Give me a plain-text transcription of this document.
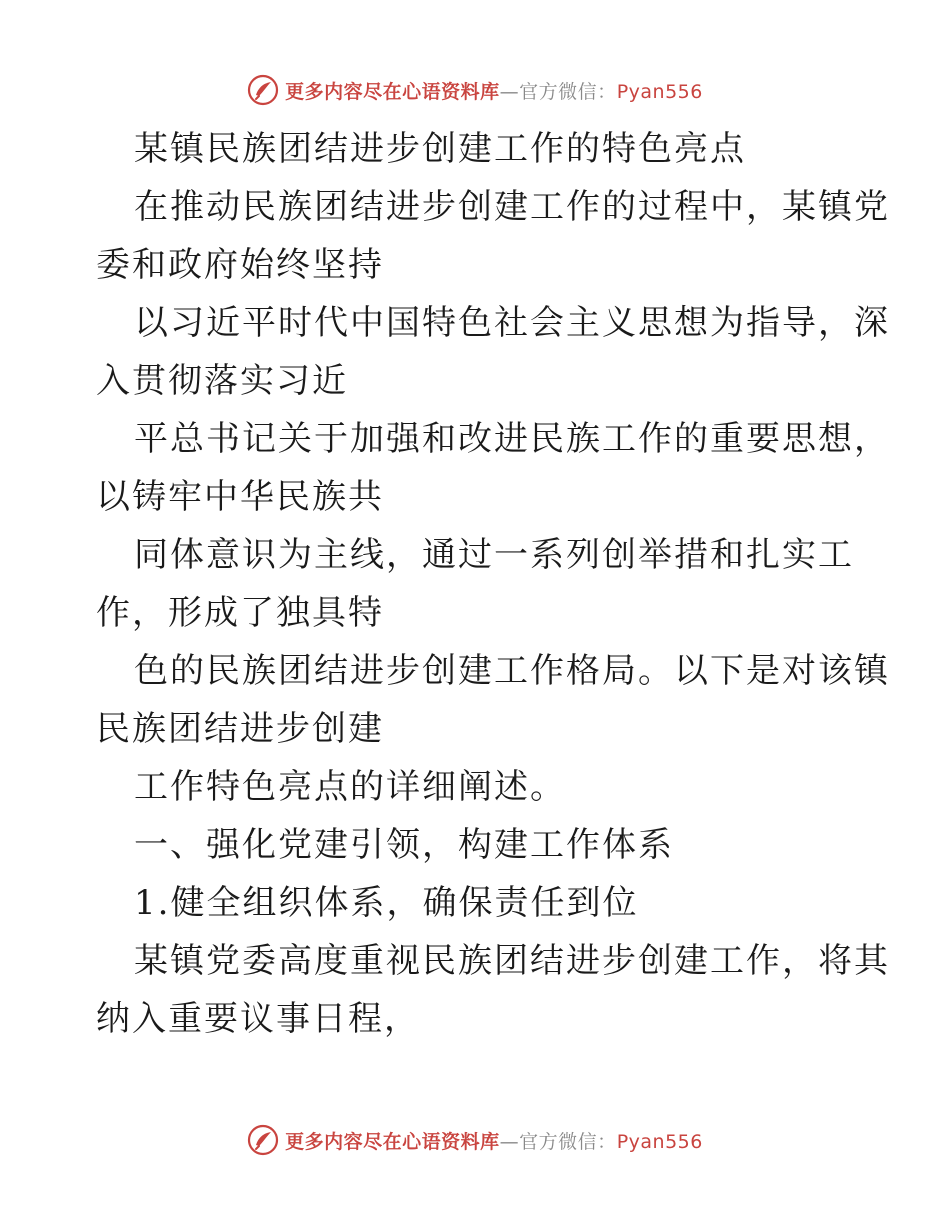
更多内容尽在心语资料库—官方微信：Pyan556
某镇民族团结进步创建工作的特色亮点
在推动民族团结进步创建工作的过程中，某镇党
委和政府始终坚持
以习近平时代中国特色社会主义思想为指导，深
入贯彻落实习近
平总书记关于加强和改进民族工作的重要思想，
以铸牢中华民族共
同体意识为主线，通过一系列创举措和扎实工
作，形成了独具特
色的民族团结进步创建工作格局。以下是对该镇
民族团结进步创建
工作特色亮点的详细阐述。
一、强化党建引领，构建工作体系
1.健全组织体系，确保责任到位
某镇党委高度重视民族团结进步创建工作，将其
纳入重要议事日程，
更多内容尽在心语资料库—官方微信：Pyan556
